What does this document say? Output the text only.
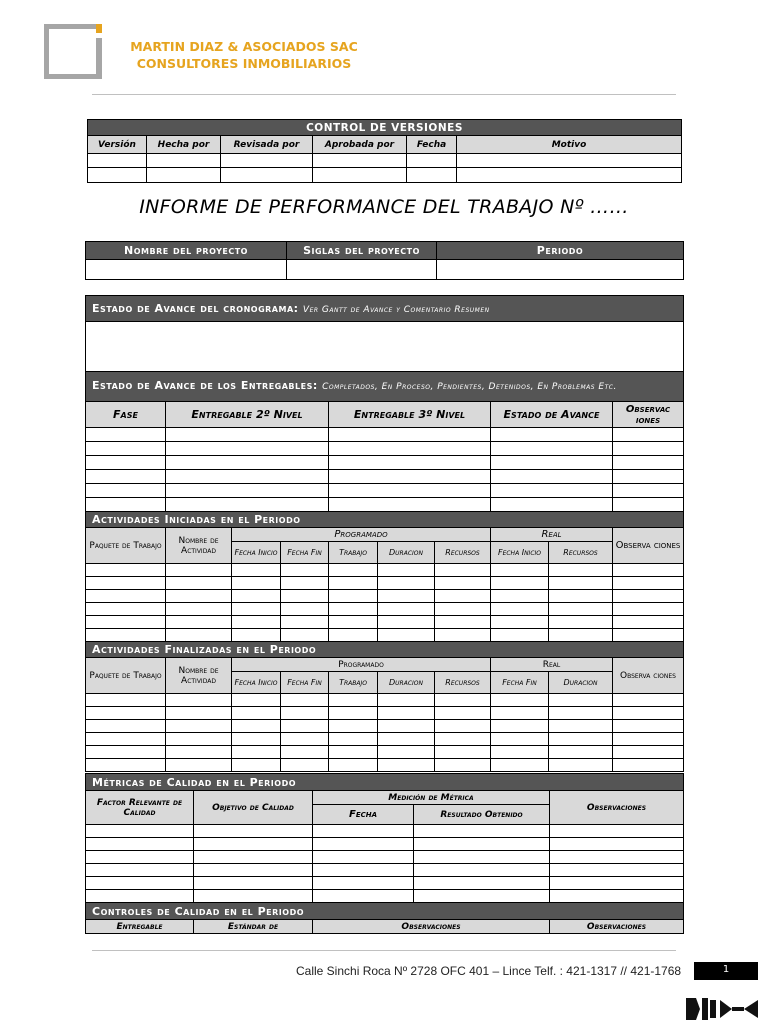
MARTIN DIAZ & ASOCIADOS SAC
CONSULTORES INMOBILIARIOS
CONTROL DE VERSIONES					
Versión	Hecha por	Revisada por	Aprobada por	Fecha	Motivo

INFORME DE PERFORMANCE DEL TRABAJO Nº ……
Nombre del proyecto	Siglas del proyecto	Periodo

Estado de Avance del cronograma: Ver Gantt de Avance y Comentario Resumen									

Estado de Avance de los Entregables: Completados, En Proceso, Pendientes, Detenidos, En Problemas Etc.									
Fase	Entregable 2º Nivel			Entregable 3º Nivel			Estado de Avance		Observac iones

Actividades Iniciadas en el Periodo									
Paquete de Trabajo	Nombre de Actividad	Programado					Real		Observa ciones
		Fecha Inicio	Fecha Fin	Trabajo	Duracion	Recursos	Fecha Inicio	Recursos	

Actividades Finalizadas en el Periodo									
Paquete de Trabajo	Nombre de Actividad	Programado					Real		Observa ciones
		Fecha Inicio	Fecha Fin	Trabajo	Duracion	Recursos	Fecha Fin	Duracion	

Métricas de Calidad en el Periodo				
Factor Relevante de Calidad	Objetivo de Calidad	Medición de Métrica		Observaciones
		Fecha	Resultado Obtenido	

Controles de Calidad en el Periodo				
Entregable	Estándar de	Observaciones		Observaciones
Calle Sinchi Roca Nº 2728 OFC 401 – Lince Telf. : 421-1317 // 421-1768	1
